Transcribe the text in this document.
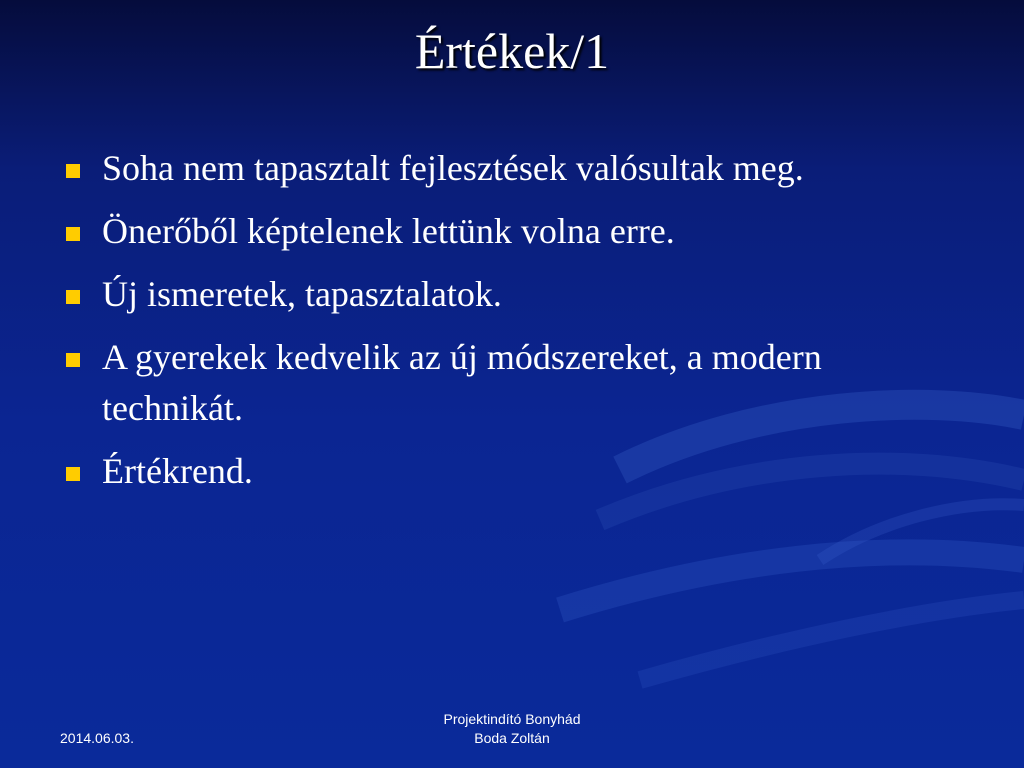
Értékek/1
Soha nem tapasztalt fejlesztések valósultak meg.
Önerőből képtelenek lettünk volna erre.
Új ismeretek, tapasztalatok.
A gyerekek kedvelik az új módszereket, a modern technikát.
Értékrend.
2014.06.03.
Projektindító Bonyhád
Boda Zoltán
